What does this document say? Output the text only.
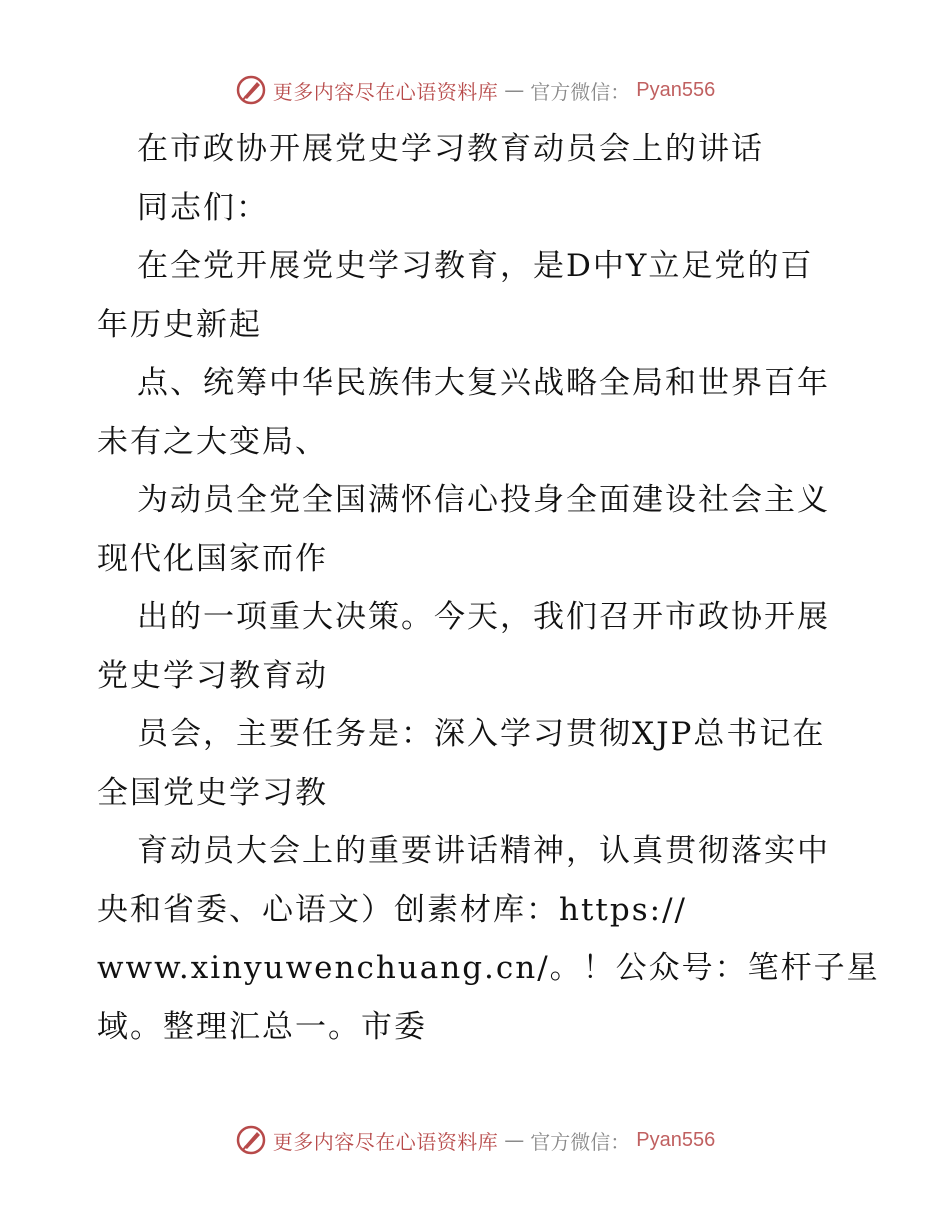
更多内容尽在心语资料库 — 官方微信： Pyan556
在市政协开展党史学习教育动员会上的讲话
同志们：
在全党开展党史学习教育，是D中Y立足党的百
年历史新起
点、统筹中华民族伟大复兴战略全局和世界百年
未有之大变局、
为动员全党全国满怀信心投身全面建设社会主义
现代化国家而作
出的一项重大决策。今天，我们召开市政协开展
党史学习教育动
员会，主要任务是：深入学习贯彻XJP总书记在
全国党史学习教
育动员大会上的重要讲话精神，认真贯彻落实中
央和省委、心语文）创素材库：https://
www.xinyuwenchuang.cn/。！公众号：笔杆子星
域。整理汇总一。市委
更多内容尽在心语资料库 — 官方微信： Pyan556
